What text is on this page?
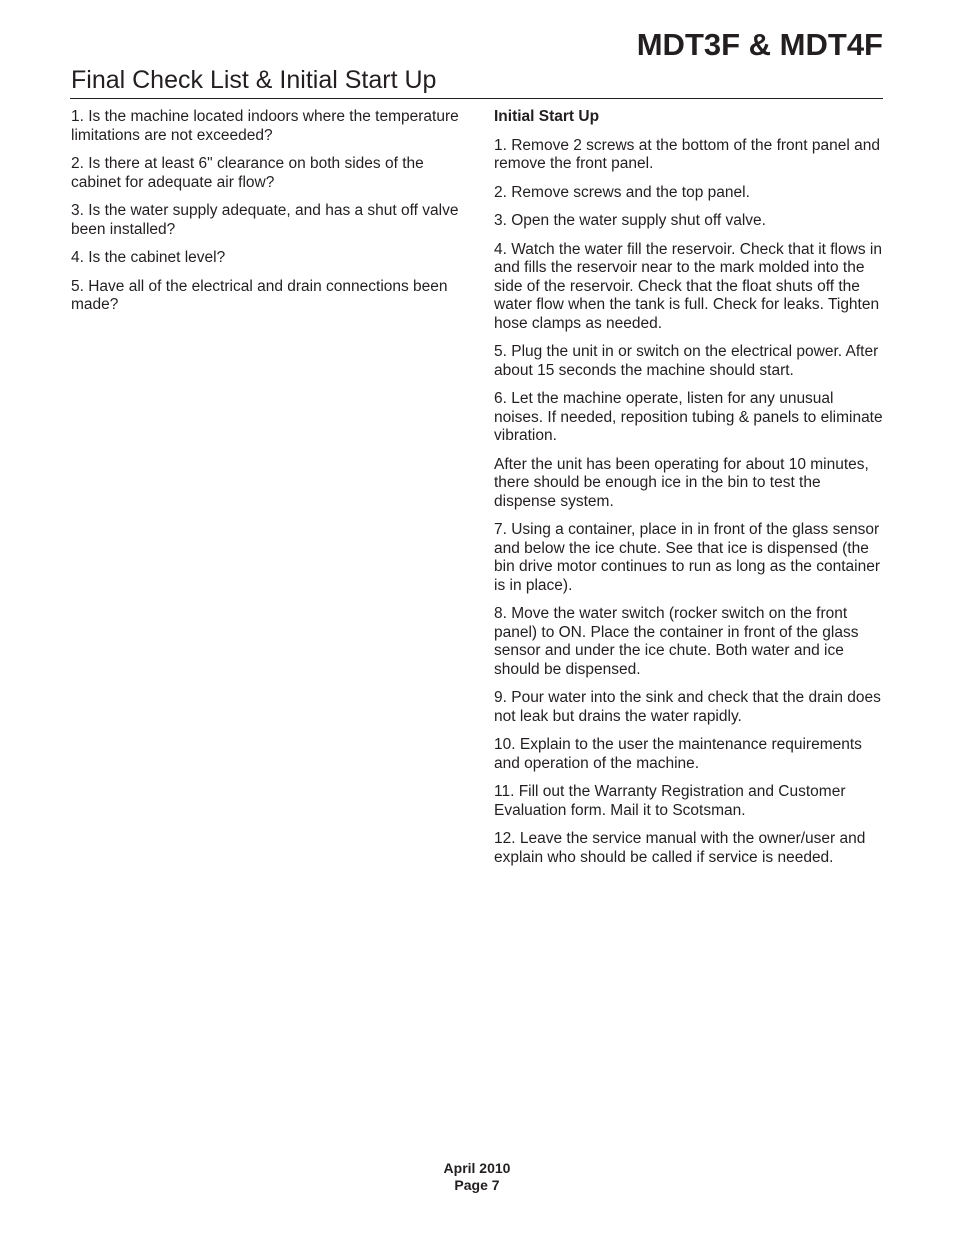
MDT3F & MDT4F
Final Check List & Initial Start Up

1. Is the machine located indoors where the temperature limitations are not exceeded?

2. Is there at least 6" clearance on both sides of the cabinet for adequate air flow?

3. Is the water supply adequate, and has a shut off valve been installed?

4. Is the cabinet level?

5. Have all of the electrical and drain connections been made?

Initial Start Up

1. Remove 2 screws at the bottom of the front panel and remove the front panel.

2. Remove screws and the top panel.

3. Open the water supply shut off valve.

4. Watch the water fill the reservoir. Check that it flows in and fills the reservoir near to the mark molded into the side of the reservoir. Check that the float shuts off the water flow when the tank is full. Check for leaks. Tighten hose clamps as needed.

5. Plug the unit in or switch on the electrical power. After about 15 seconds the machine should start.

6. Let the machine operate, listen for any unusual noises. If needed, reposition tubing & panels to eliminate vibration.

After the unit has been operating for about 10 minutes, there should be enough ice in the bin to test the dispense system.

7. Using a container, place in in front of the glass sensor and below the ice chute. See that ice is dispensed (the bin drive motor continues to run as long as the container is in place).

8. Move the water switch (rocker switch on the front panel) to ON. Place the container in front of the glass sensor and under the ice chute. Both water and ice should be dispensed.

9. Pour water into the sink and check that the drain does not leak but drains the water rapidly.

10. Explain to the user the maintenance requirements and operation of the machine.

11. Fill out the Warranty Registration and Customer Evaluation form. Mail it to Scotsman.

12. Leave the service manual with the owner/user and explain who should be called if service is needed.

April 2010
Page 7
